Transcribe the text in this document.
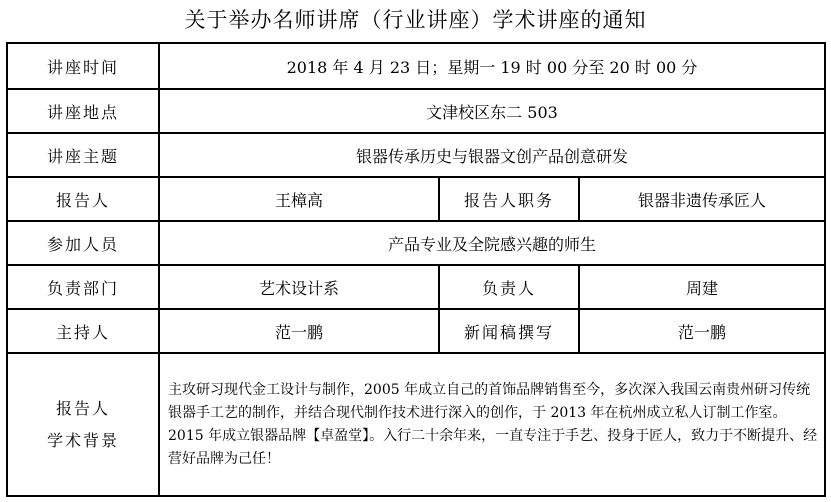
关于举办名师讲席（行业讲座）学术讲座的通知
讲座时间	2018 年 4 月 23 日；星期一 19 时 00 分至 20 时 00 分		
讲座地点	文津校区东二 503		
讲座主题	银器传承历史与银器文创产品创意研发		
报告人	王樟高	报告人职务	银器非遗传承匠人
参加人员	产品专业及全院感兴趣的师生		
负责部门	艺术设计系	负责人	周建
主持人	范一鹏	新闻稿撰写	范一鹏

报告人
学术背景	主攻研习现代金工设计与制作，2005 年成立自己的首饰品牌销售至今，多次深入我国云南贵州研习传统银器手工艺的制作，并结合现代制作技术进行深入的创作，于 2013 年在杭州成立私人订制工作室。2015 年成立银器品牌【卓盈堂】。入行二十余年来，一直专注于手艺、投身于匠人，致力于不断提升、经营好品牌为己任！		
